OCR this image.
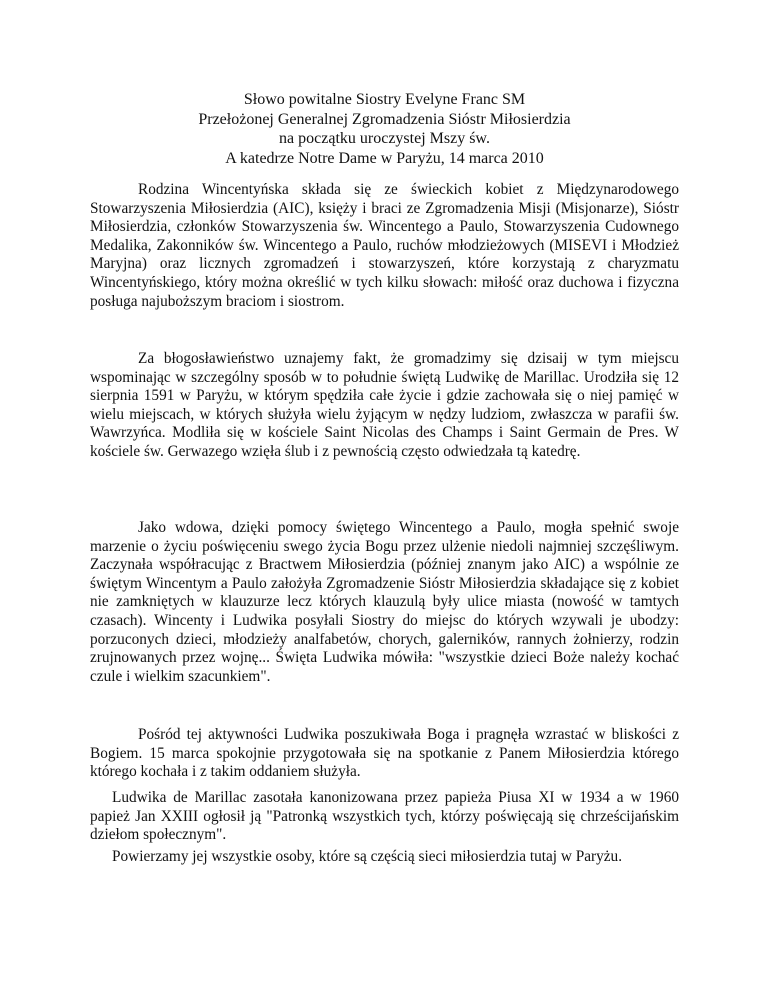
Słowo powitalne Siostry Evelyne Franc SM
Przełożonej Generalnej Zgromadzenia Sióstr Miłosierdzia
na początku uroczystej Mszy św.
A katedrze Notre Dame w Paryżu, 14 marca 2010

Rodzina Wincentyńska składa się ze świeckich kobiet z Międzynarodowego Stowarzyszenia Miłosierdzia (AIC), księży i braci ze Zgromadzenia Misji (Misjonarze), Sióstr Miłosierdzia, członków Stowarzyszenia św. Wincentego a Paulo, Stowarzyszenia Cudownego Medalika, Zakonników św. Wincentego a Paulo, ruchów młodzieżowych (MISEVI i Młodzież Maryjna) oraz licznych zgromadzeń i stowarzyszeń, które korzystają z charyzmatu Wincentyńskiego, który można określić w tych kilku słowach: miłość oraz duchowa i fizyczna posługa najuboższym braciom i siostrom.

Za błogosławieństwo uznajemy fakt, że gromadzimy się dzisaij w tym miejscu wspominając w szczególny sposób w to południe świętą Ludwikę de Marillac. Urodziła się 12 sierpnia 1591 w Paryżu, w którym spędziła całe życie i gdzie zachowała się o niej pamięć w wielu miejscach, w których służyła wielu żyjącym w nędzy ludziom, zwłaszcza w parafii św. Wawrzyńca. Modliła się w kościele Saint Nicolas des Champs i Saint Germain de Pres. W kościele św. Gerwazego wzięła ślub i z pewnością często odwiedzała tą katedrę.

Jako wdowa, dzięki pomocy świętego Wincentego a Paulo, mogła spełnić swoje marzenie o życiu poświęceniu swego życia Bogu przez ulżenie niedoli najmniej szczęśliwym. Zaczynała współracując z Bractwem Miłosierdzia (później znanym jako AIC) a wspólnie ze świętym Wincentym a Paulo założyła Zgromadzenie Sióstr Miłosierdzia składające się z kobiet nie zamkniętych w klauzurze lecz których klauzulą były ulice miasta (nowość w tamtych czasach). Wincenty i Ludwika posyłali Siostry do miejsc do których wzywali je ubodzy: porzuconych dzieci, młodzieży analfabetów, chorych, galerników, rannych żołnierzy, rodzin zrujnowanych przez wojnę... Święta Ludwika mówiła: "wszystkie dzieci Boże należy kochać czule i wielkim szacunkiem".

Pośród tej aktywności Ludwika poszukiwała Boga i pragnęła wzrastać w bliskości z Bogiem. 15 marca spokojnie przygotowała się na spotkanie z Panem Miłosierdzia którego którego kochała i z takim oddaniem służyła.

Ludwika de Marillac zasotała kanonizowana przez papieża Piusa XI w 1934 a w 1960 papież Jan XXIII ogłosił ją "Patronką wszystkich tych, którzy poświęcają się chrześcijańskim dziełom społecznym".

Powierzamy jej wszystkie osoby, które są częścią sieci miłosierdzia tutaj w Paryżu.
